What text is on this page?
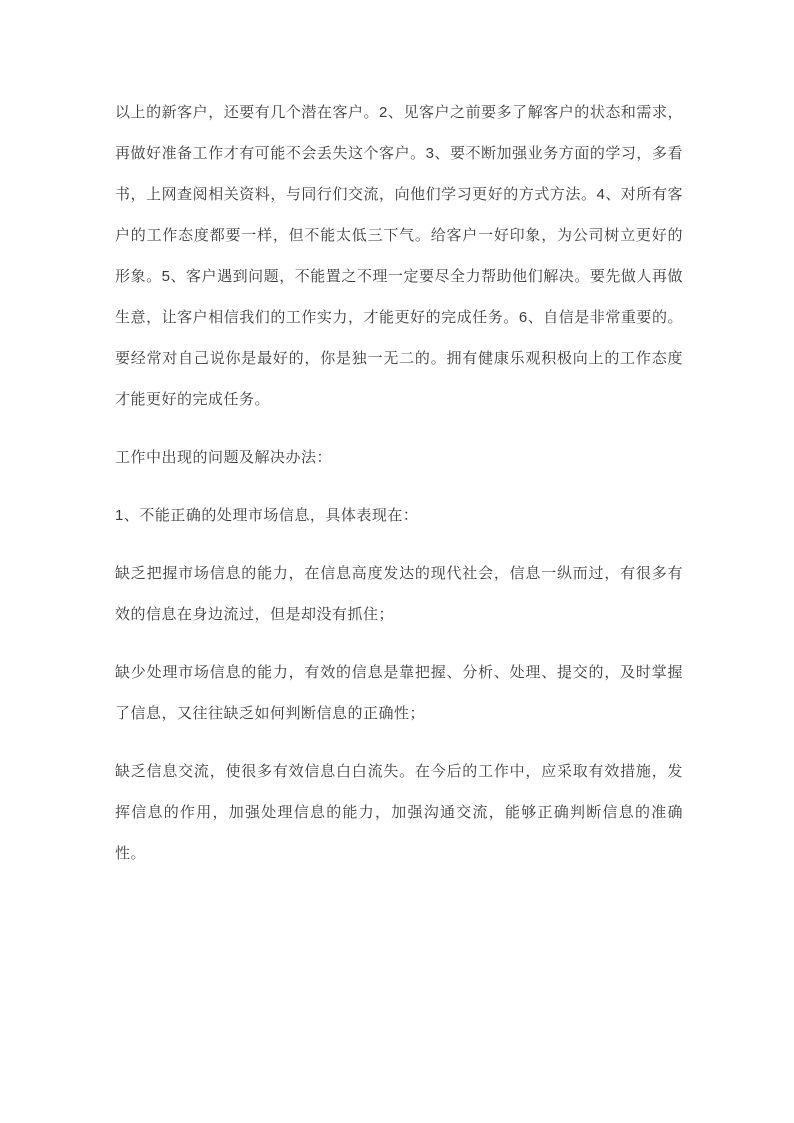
以上的新客户，还要有几个潜在客户。2、见客户之前要多了解客户的状态和需求，再做好准备工作才有可能不会丢失这个客户。3、要不断加强业务方面的学习，多看书，上网查阅相关资料，与同行们交流，向他们学习更好的方式方法。4、对所有客户的工作态度都要一样，但不能太低三下气。给客户一好印象，为公司树立更好的形象。5、客户遇到问题，不能置之不理一定要尽全力帮助他们解决。要先做人再做生意，让客户相信我们的工作实力，才能更好的完成任务。6、自信是非常重要的。要经常对自己说你是最好的，你是独一无二的。拥有健康乐观积极向上的工作态度才能更好的完成任务。

工作中出现的问题及解决办法：

1、不能正确的处理市场信息，具体表现在：

缺乏把握市场信息的能力，在信息高度发达的现代社会，信息一纵而过，有很多有效的信息在身边流过，但是却没有抓住；

缺少处理市场信息的能力，有效的信息是靠把握、分析、处理、提交的，及时掌握了信息，又往往缺乏如何判断信息的正确性；

缺乏信息交流，使很多有效信息白白流失。在今后的工作中，应采取有效措施，发挥信息的作用，加强处理信息的能力，加强沟通交流，能够正确判断信息的准确性。
